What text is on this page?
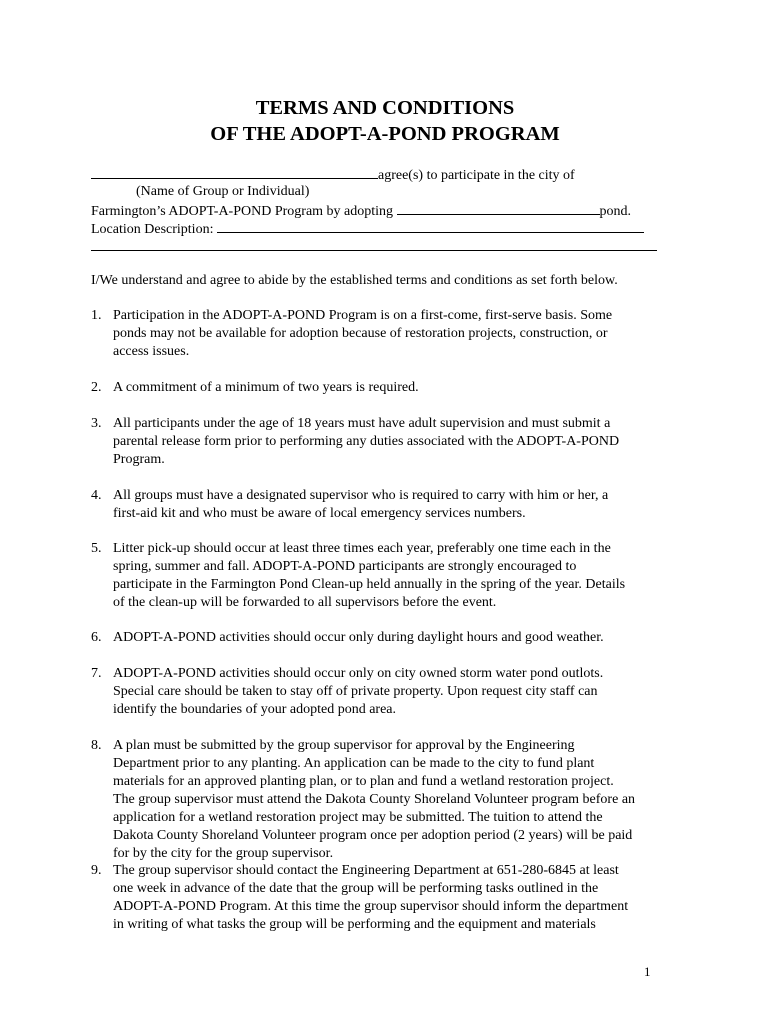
TERMS AND CONDITIONS
OF THE ADOPT-A-POND PROGRAM
agree(s) to participate in the city of
(Name of Group or Individual)
Farmington’s ADOPT-A-POND Program by adopting	pond.
Location Description:
I/We understand and agree to abide by the established terms and conditions as set forth below.
1. Participation in the ADOPT-A-POND Program is on a first-come, first-serve basis. Some
ponds may not be available for adoption because of restoration projects, construction, or
access issues.
2. A commitment of a minimum of two years is required.
3. All participants under the age of 18 years must have adult supervision and must submit a
parental release form prior to performing any duties associated with the ADOPT-A-POND
Program.
4. All groups must have a designated supervisor who is required to carry with him or her, a
first-aid kit and who must be aware of local emergency services numbers.
5. Litter pick-up should occur at least three times each year, preferably one time each in the
spring, summer and fall. ADOPT-A-POND participants are strongly encouraged to
participate in the Farmington Pond Clean-up held annually in the spring of the year. Details
of the clean-up will be forwarded to all supervisors before the event.
6. ADOPT-A-POND activities should occur only during daylight hours and good weather.
7. ADOPT-A-POND activities should occur only on city owned storm water pond outlots.
Special care should be taken to stay off of private property. Upon request city staff can
identify the boundaries of your adopted pond area.
8. A plan must be submitted by the group supervisor for approval by the Engineering
Department prior to any planting. An application can be made to the city to fund plant
materials for an approved planting plan, or to plan and fund a wetland restoration project.
The group supervisor must attend the Dakota County Shoreland Volunteer program before an
application for a wetland restoration project may be submitted. The tuition to attend the
Dakota County Shoreland Volunteer program once per adoption period (2 years) will be paid
for by the city for the group supervisor.
9. The group supervisor should contact the Engineering Department at 651-280-6845 at least
one week in advance of the date that the group will be performing tasks outlined in the
ADOPT-A-POND Program. At this time the group supervisor should inform the department
in writing of what tasks the group will be performing and the equipment and materials
1
